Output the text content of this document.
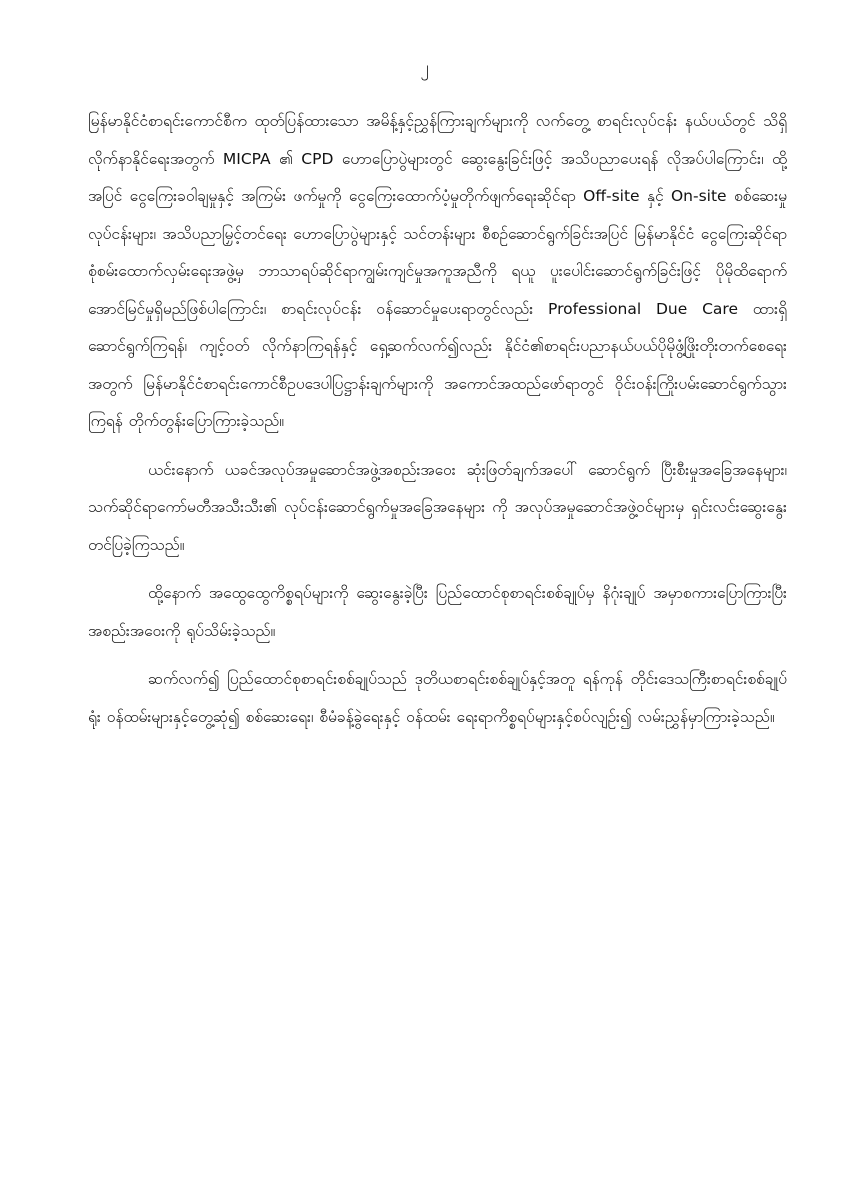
၂

မြန်မာနိုင်ငံစာရင်းကောင်စီက ထုတ်ပြန်ထားသော အမိန့်နှင့်ညွှန်ကြားချက်များကို လက်တွေ့ စာရင်းလုပ်ငန်း နယ်ပယ်တွင် သိရှိလိုက်နာနိုင်ရေးအတွက် MICPA ၏ CPD ဟောပြောပွဲများတွင် ဆွေးနွေးခြင်းဖြင့် အသိပညာပေးရန် လိုအပ်ပါကြောင်း၊ ထို့အပြင် ငွေကြေးခဝါချမှုနှင့် အကြမ်း ဖက်မှုကို ငွေကြေးထောက်ပံ့မှုတိုက်ဖျက်ရေးဆိုင်ရာ Off-site နှင့် On-site စစ်ဆေးမှုလုပ်ငန်းများ၊ အသိပညာမြှင့်တင်ရေး ဟောပြောပွဲများနှင့် သင်တန်းများ စီစဉ်ဆောင်ရွက်ခြင်းအပြင် မြန်မာနိုင်ငံ ငွေကြေးဆိုင်ရာ စုံစမ်းထောက်လှမ်းရေးအဖွဲ့မှ ဘာသာရပ်ဆိုင်ရာကျွမ်းကျင်မှုအကူအညီကို ရယူ ပူးပေါင်းဆောင်ရွက်ခြင်းဖြင့် ပိုမိုထိရောက်အောင်မြင်မှုရှိမည်ဖြစ်ပါကြောင်း၊ စာရင်းလုပ်ငန်း ဝန်ဆောင်မှုပေးရာတွင်လည်း Professional Due Care ထားရှိဆောင်ရွက်ကြရန်၊ ကျင့်ဝတ် လိုက်နာကြရန်နှင့် ရှေ့ဆက်လက်၍လည်း နိုင်ငံ၏စာရင်းပညာနယ်ပယ်ပိုမိုဖွံ့ဖြိုးတိုးတက်စေရေး အတွက် မြန်မာနိုင်ငံစာရင်းကောင်စီဥပဒေပါပြဋ္ဌာန်းချက်များကို အကောင်အထည်ဖော်ရာတွင် ဝိုင်းဝန်းကြိုးပမ်းဆောင်ရွက်သွားကြရန် တိုက်တွန်းပြောကြားခဲ့သည်။

ယင်းနောက် ယခင်အလုပ်အမှုဆောင်အဖွဲ့အစည်းအဝေး ဆုံးဖြတ်ချက်အပေါ် ဆောင်ရွက် ပြီးစီးမှုအခြေအနေများ၊ သက်ဆိုင်ရာကော်မတီအသီးသီး၏ လုပ်ငန်းဆောင်ရွက်မှုအခြေအနေများ ကို အလုပ်အမှုဆောင်အဖွဲ့ဝင်များမှ ရှင်းလင်းဆွေးနွေးတင်ပြခဲ့ကြသည်။

ထို့နောက် အထွေထွေကိစ္စရပ်များကို ဆွေးနွေးခဲ့ပြီး ပြည်ထောင်စုစာရင်းစစ်ချုပ်မှ နိဂုံးချုပ် အမှာစကားပြောကြားပြီး အစည်းအဝေးကို ရုပ်သိမ်းခဲ့သည်။

ဆက်လက်၍ ပြည်ထောင်စုစာရင်းစစ်ချုပ်သည် ဒုတိယစာရင်းစစ်ချုပ်နှင့်အတူ ရန်ကုန် တိုင်းဒေသကြီးစာရင်းစစ်ချုပ်ရုံး ဝန်ထမ်းများနှင့်တွေ့ဆုံ၍ စစ်ဆေးရေး၊ စီမံခန့်ခွဲရေးနှင့် ဝန်ထမ်း ရေးရာကိစ္စရပ်များနှင့်စပ်လျဉ်း၍ လမ်းညွှန်မှာကြားခဲ့သည်။
